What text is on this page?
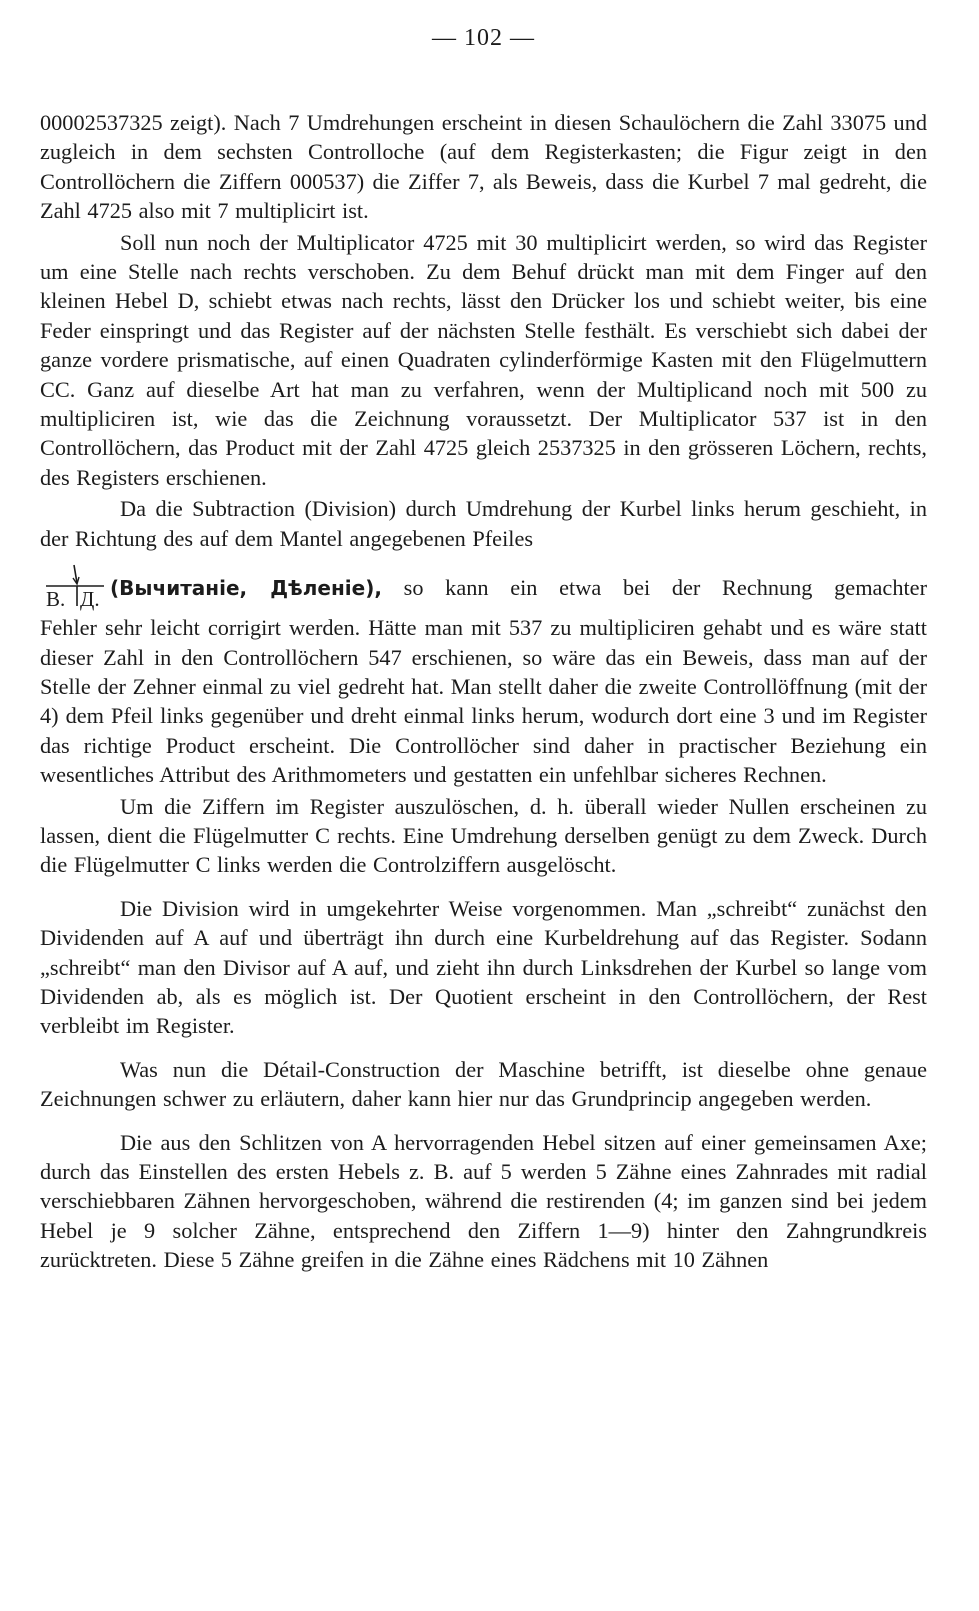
— 102 —

00002537325 zeigt). Nach 7 Umdrehungen erscheint in diesen Schaulöchern die Zahl 33075 und zugleich in dem sechsten Controlloche (auf dem Registerkasten; die Figur zeigt in den Controllöchern die Ziffern 000537) die Ziffer 7, als Beweis, dass die Kurbel 7 mal gedreht, die Zahl 4725 also mit 7 multiplicirt ist.

Soll nun noch der Multiplicator 4725 mit 30 multiplicirt werden, so wird das Register um eine Stelle nach rechts verschoben. Zu dem Behuf drückt man mit dem Finger auf den kleinen Hebel D, schiebt etwas nach rechts, lässt den Drücker los und schiebt weiter, bis eine Feder einspringt und das Register auf der nächsten Stelle festhält. Es verschiebt sich dabei der ganze vordere prismatische, auf einen Quadraten cylinderförmige Kasten mit den Flügelmuttern CC. Ganz auf dieselbe Art hat man zu verfahren, wenn der Multiplicand noch mit 500 zu multipliciren ist, wie das die Zeichnung voraussetzt. Der Multiplicator 537 ist in den Controllöchern, das Product mit der Zahl 4725 gleich 2537325 in den grösseren Löchern, rechts, des Registers erschienen.

Da die Subtraction (Division) durch Umdrehung der Kurbel links herum geschieht, in der Richtung des auf dem Mantel angegebenen Pfeiles

В. Д. (Вычитаніе, Дѣленіе), so kann ein etwa bei der Rechnung gemachter

Fehler sehr leicht corrigirt werden. Hätte man mit 537 zu multipliciren gehabt und es wäre statt dieser Zahl in den Controllöchern 547 erschienen, so wäre das ein Beweis, dass man auf der Stelle der Zehner einmal zu viel gedreht hat. Man stellt daher die zweite Controllöffnung (mit der 4) dem Pfeil links gegenüber und dreht einmal links herum, wodurch dort eine 3 und im Register das richtige Product erscheint. Die Controllöcher sind daher in practischer Beziehung ein wesentliches Attribut des Arithmometers und gestatten ein unfehlbar sicheres Rechnen.

Um die Ziffern im Register auszulöschen, d. h. überall wieder Nullen erscheinen zu lassen, dient die Flügelmutter C rechts. Eine Umdrehung derselben genügt zu dem Zweck. Durch die Flügelmutter C links werden die Controlziffern ausgelöscht.

Die Division wird in umgekehrter Weise vorgenommen. Man „schreibt“ zunächst den Dividenden auf A auf und überträgt ihn durch eine Kurbeldrehung auf das Register. Sodann „schreibt“ man den Divisor auf A auf, und zieht ihn durch Linksdrehen der Kurbel so lange vom Dividenden ab, als es möglich ist. Der Quotient erscheint in den Controllöchern, der Rest verbleibt im Register.

Was nun die Détail-Construction der Maschine betrifft, ist dieselbe ohne genaue Zeichnungen schwer zu erläutern, daher kann hier nur das Grundprincip angegeben werden.

Die aus den Schlitzen von A hervorragenden Hebel sitzen auf einer gemeinsamen Axe; durch das Einstellen des ersten Hebels z. B. auf 5 werden 5 Zähne eines Zahnrades mit radial verschiebbaren Zähnen hervorgeschoben, während die restirenden (4; im ganzen sind bei jedem Hebel je 9 solcher Zähne, entsprechend den Ziffern 1—9) hinter den Zahngrundkreis zurücktreten. Diese 5 Zähne greifen in die Zähne eines Rädchens mit 10 Zähnen
